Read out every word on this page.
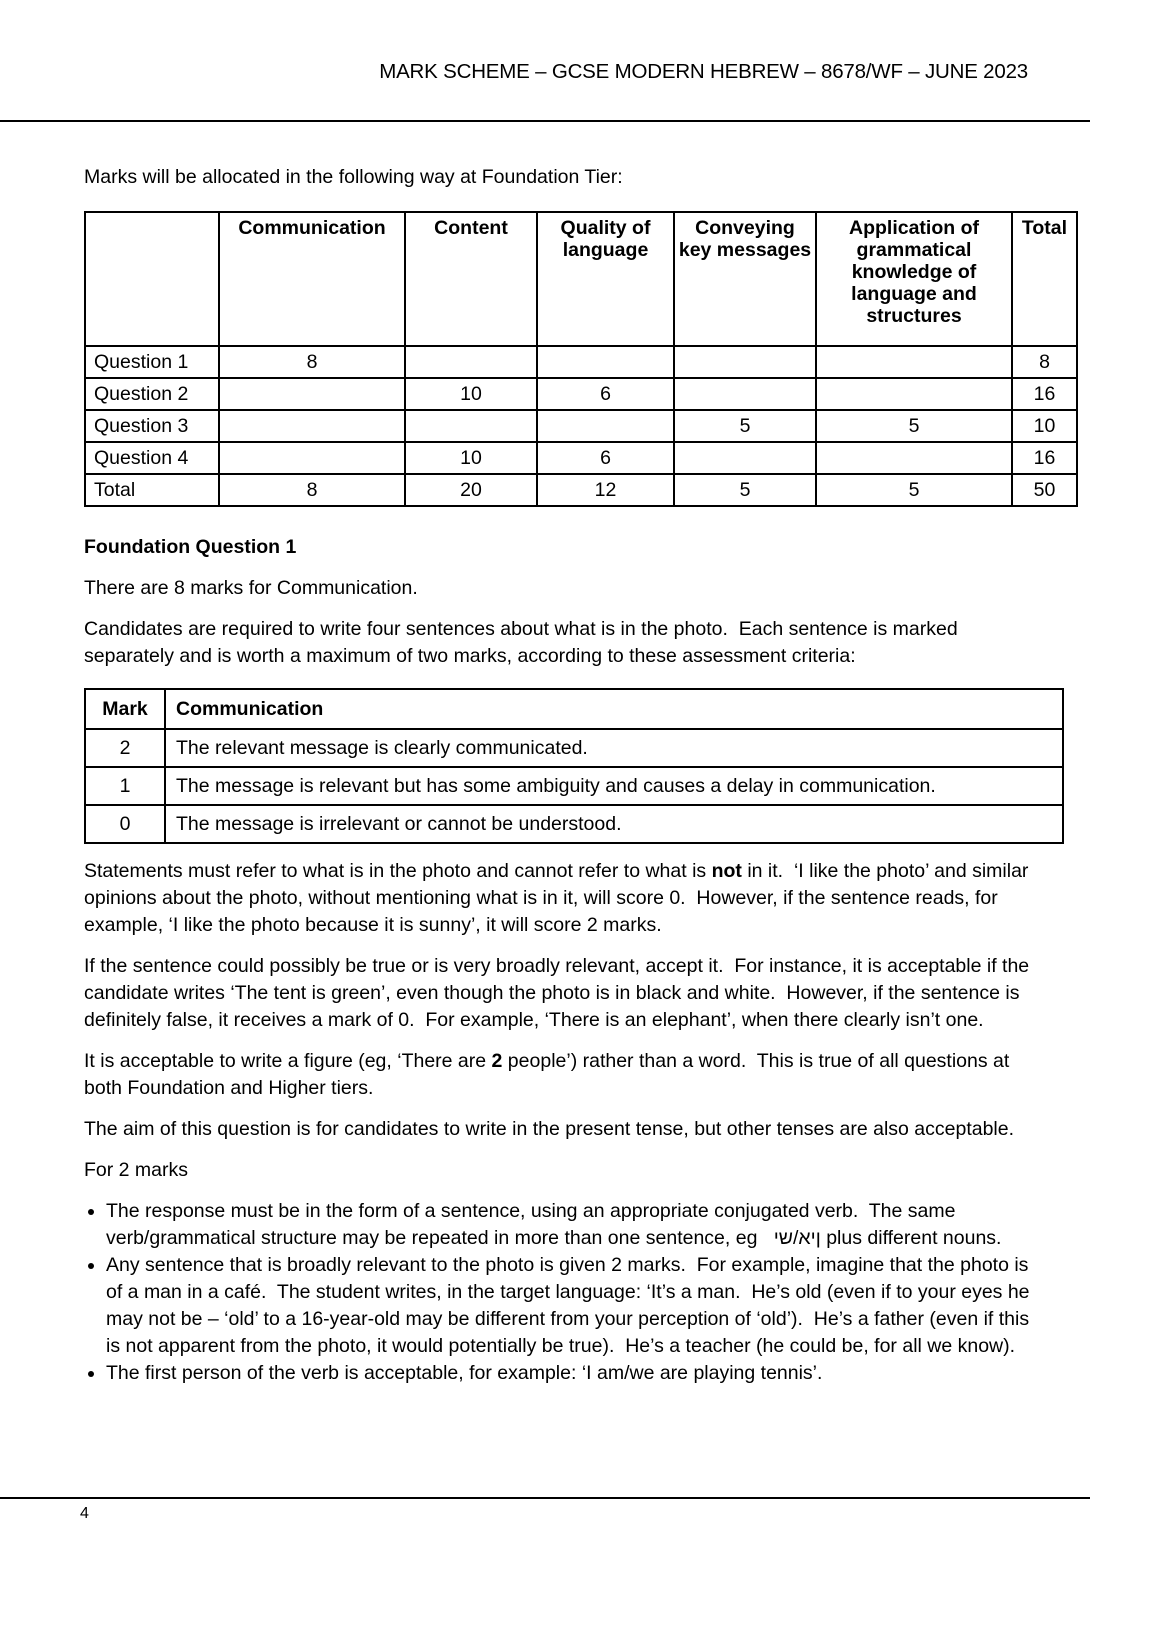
MARK SCHEME – GCSE MODERN HEBREW – 8678/WF – JUNE 2023

Marks will be allocated in the following way at Foundation Tier:

	Communication	Content	Quality of language	Conveying key messages	Application of grammatical knowledge of language and structures	Total
Question 1	8					8
Question 2		10	6			16
Question 3				5	5	10
Question 4		10	6			16
Total	8	20	12	5	5	50
Foundation Question 1

There are 8 marks for Communication.

Candidates are required to write four sentences about what is in the photo.  Each sentence is marked separately and is worth a maximum of two marks, according to these assessment criteria:

Mark	Communication
2	The relevant message is clearly communicated.
1	The message is relevant but has some ambiguity and causes a delay in communication.
0	The message is irrelevant or cannot be understood.

Statements must refer to what is in the photo and cannot refer to what is not in it.  ‘I like the photo’ and similar opinions about the photo, without mentioning what is in it, will score 0.  However, if the sentence reads, for example, ‘I like the photo because it is sunny’, it will score 2 marks.

If the sentence could possibly be true or is very broadly relevant, accept it.  For instance, it is acceptable if the candidate writes ‘The tent is green’, even though the photo is in black and white.  However, if the sentence is definitely false, it receives a mark of 0.  For example, ‘There is an elephant’, when there clearly isn’t one.

It is acceptable to write a figure (eg, ‘There are 2 people’) rather than a word.  This is true of all questions at both Foundation and Higher tiers.

The aim of this question is for candidates to write in the present tense, but other tenses are also acceptable.

For 2 marks

• The response must be in the form of a sentence, using an appropriate conjugated verb.  The same verb/grammatical structure may be repeated in more than one sentence, eg   יש/אין plus different nouns.
• Any sentence that is broadly relevant to the photo is given 2 marks.  For example, imagine that the photo is of a man in a café.  The student writes, in the target language: ‘It’s a man.  He’s old (even if to your eyes he may not be – ‘old’ to a 16-year-old may be different from your perception of ‘old’).  He’s a father (even if this is not apparent from the photo, it would potentially be true).  He’s a teacher (he could be, for all we know).
• The first person of the verb is acceptable, for example: ‘I am/we are playing tennis’.
4
